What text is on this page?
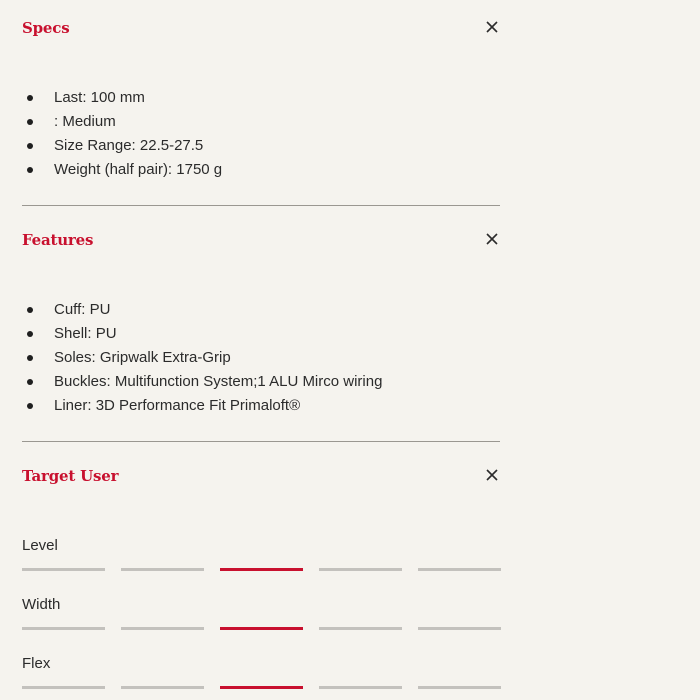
Specs
Last: 100 mm
: Medium
Size Range: 22.5-27.5
Weight (half pair): 1750 g
Features
Cuff: PU
Shell: PU
Soles: Gripwalk Extra-Grip
Buckles: Multifunction System;1 ALU Mirco wiring
Liner: 3D Performance Fit Primaloft®
Target User
Level
Width
Flex
